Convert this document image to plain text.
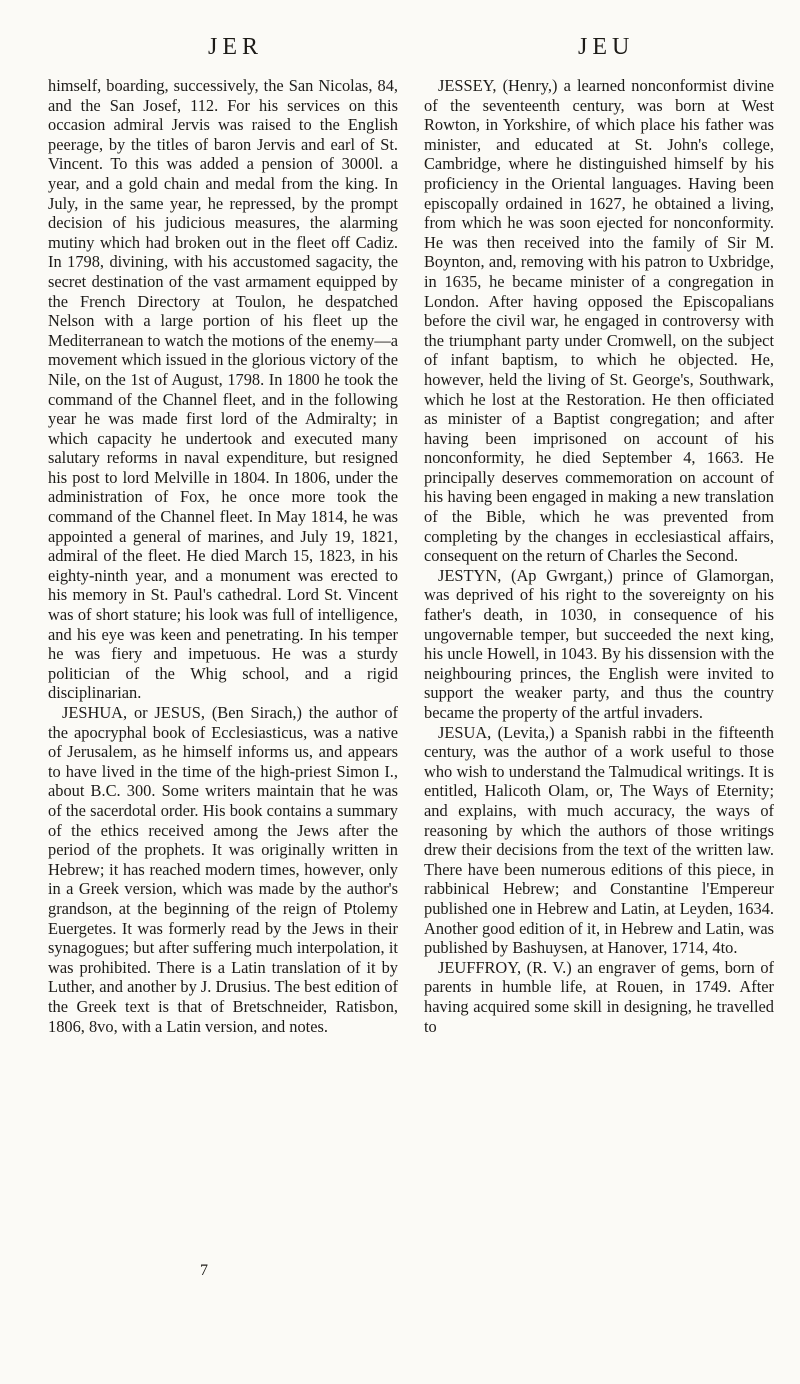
JER	JEU

himself, boarding, successively, the San Nicolas, 84, and the San Josef, 112. For his services on this occasion admiral Jervis was raised to the English peerage, by the titles of baron Jervis and earl of St. Vincent. To this was added a pension of 3000l. a year, and a gold chain and medal from the king. In July, in the same year, he repressed, by the prompt decision of his judicious measures, the alarming mutiny which had broken out in the fleet off Cadiz. In 1798, divining, with his accustomed sagacity, the secret destination of the vast armament equipped by the French Directory at Toulon, he despatched Nelson with a large portion of his fleet up the Mediterranean to watch the motions of the enemy—a movement which issued in the glorious victory of the Nile, on the 1st of August, 1798. In 1800 he took the command of the Channel fleet, and in the following year he was made first lord of the Admiralty; in which capacity he undertook and executed many salutary reforms in naval expenditure, but resigned his post to lord Melville in 1804. In 1806, under the administration of Fox, he once more took the command of the Channel fleet. In May 1814, he was appointed a general of marines, and July 19, 1821, admiral of the fleet. He died March 15, 1823, in his eighty-ninth year, and a monument was erected to his memory in St. Paul's cathedral. Lord St. Vincent was of short stature; his look was full of intelligence, and his eye was keen and penetrating. In his temper he was fiery and impetuous. He was a sturdy politician of the Whig school, and a rigid disciplinarian.

JESHUA, or JESUS, (Ben Sirach,) the author of the apocryphal book of Ecclesiasticus, was a native of Jerusalem, as he himself informs us, and appears to have lived in the time of the high-priest Simon I., about B.C. 300. Some writers maintain that he was of the sacerdotal order. His book contains a summary of the ethics received among the Jews after the period of the prophets. It was originally written in Hebrew; it has reached modern times, however, only in a Greek version, which was made by the author's grandson, at the beginning of the reign of Ptolemy Euergetes. It was formerly read by the Jews in their synagogues; but after suffering much interpolation, it was prohibited. There is a Latin translation of it by Luther, and another by J. Drusius. The best edition of the Greek text is that of Bretschneider, Ratisbon, 1806, 8vo, with a Latin version, and notes.

JESSEY, (Henry,) a learned nonconformist divine of the seventeenth century, was born at West Rowton, in Yorkshire, of which place his father was minister, and educated at St. John's college, Cambridge, where he distinguished himself by his proficiency in the Oriental languages. Having been episcopally ordained in 1627, he obtained a living, from which he was soon ejected for nonconformity. He was then received into the family of Sir M. Boynton, and, removing with his patron to Uxbridge, in 1635, he became minister of a congregation in London. After having opposed the Episcopalians before the civil war, he engaged in controversy with the triumphant party under Cromwell, on the subject of infant baptism, to which he objected. He, however, held the living of St. George's, Southwark, which he lost at the Restoration. He then officiated as minister of a Baptist congregation; and after having been imprisoned on account of his nonconformity, he died September 4, 1663. He principally deserves commemoration on account of his having been engaged in making a new translation of the Bible, which he was prevented from completing by the changes in ecclesiastical affairs, consequent on the return of Charles the Second.

JESTYN, (Ap Gwrgant,) prince of Glamorgan, was deprived of his right to the sovereignty on his father's death, in 1030, in consequence of his ungovernable temper, but succeeded the next king, his uncle Howell, in 1043. By his dissension with the neighbouring princes, the English were invited to support the weaker party, and thus the country became the property of the artful invaders.

JESUA, (Levita,) a Spanish rabbi in the fifteenth century, was the author of a work useful to those who wish to understand the Talmudical writings. It is entitled, Halicoth Olam, or, The Ways of Eternity; and explains, with much accuracy, the ways of reasoning by which the authors of those writings drew their decisions from the text of the written law. There have been numerous editions of this piece, in rabbinical Hebrew; and Constantine l'Empereur published one in Hebrew and Latin, at Leyden, 1634. Another good edition of it, in Hebrew and Latin, was published by Bashuysen, at Hanover, 1714, 4to.

JEUFFROY, (R. V.) an engraver of gems, born of parents in humble life, at Rouen, in 1749. After having acquired some skill in designing, he travelled to

7
